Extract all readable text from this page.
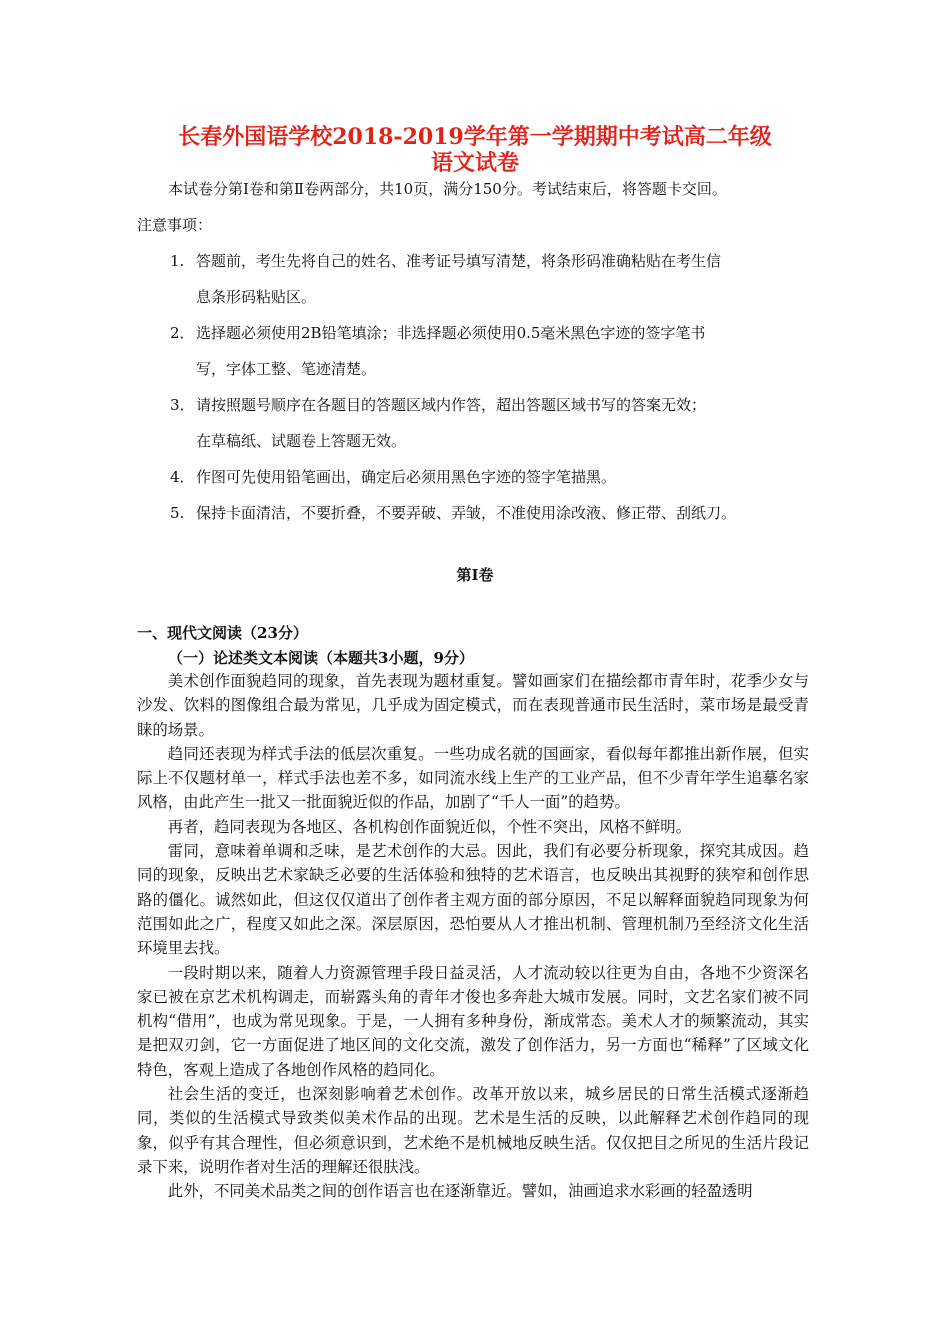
长春外国语学校2018-2019学年第一学期期中考试高二年级
语文试卷
本试卷分第Ⅰ卷和第Ⅱ卷两部分，共10页，满分150分。考试结束后，将答题卡交回。
注意事项：
1. 答题前，考生先将自己的姓名、准考证号填写清楚，将条形码准确粘贴在考生信
息条形码粘贴区。
2． 选择题必须使用2B铅笔填涂；非选择题必须使用0.5毫米黑色字迹的签字笔书
写，字体工整、笔迹清楚。
3． 请按照题号顺序在各题目的答题区域内作答，超出答题区域书写的答案无效；
在草稿纸、试题卷上答题无效。
4． 作图可先使用铅笔画出，确定后必须用黑色字迹的签字笔描黑。
5. 保持卡面清洁，不要折叠，不要弄破、弄皱，不准使用涂改液、修正带、刮纸刀。
第Ⅰ卷
一、现代文阅读（23分）
（一）论述类文本阅读（本题共3小题，9分）

美术创作面貌趋同的现象，首先表现为题材重复。譬如画家们在描绘都市青年时，花季少女与沙发、饮料的图像组合最为常见，几乎成为固定模式，而在表现普通市民生活时，菜市场是最受青睐的场景。

趋同还表现为样式手法的低层次重复。一些功成名就的国画家，看似每年都推出新作展，但实际上不仅题材单一，样式手法也差不多，如同流水线上生产的工业产品，但不少青年学生追摹名家风格，由此产生一批又一批面貌近似的作品，加剧了“千人一面”的趋势。

再者，趋同表现为各地区、各机构创作面貌近似，个性不突出，风格不鲜明。

雷同，意味着单调和乏味，是艺术创作的大忌。因此，我们有必要分析现象，探究其成因。趋同的现象，反映出艺术家缺乏必要的生活体验和独特的艺术语言，也反映出其视野的狭窄和创作思路的僵化。诚然如此，但这仅仅道出了创作者主观方面的部分原因，不足以解释面貌趋同现象为何范围如此之广，程度又如此之深。深层原因，恐怕要从人才推出机制、管理机制乃至经济文化生活环境里去找。

一段时期以来，随着人力资源管理手段日益灵活，人才流动较以往更为自由，各地不少资深名家已被在京艺术机构调走，而崭露头角的青年才俊也多奔赴大城市发展。同时，文艺名家们被不同机构“借用”，也成为常见现象。于是，一人拥有多种身份，渐成常态。美术人才的频繁流动，其实是把双刃剑，它一方面促进了地区间的文化交流，激发了创作活力，另一方面也“稀释”了区域文化特色，客观上造成了各地创作风格的趋同化。

社会生活的变迁，也深刻影响着艺术创作。改革开放以来，城乡居民的日常生活模式逐渐趋同，类似的生活模式导致类似美术作品的出现。艺术是生活的反映，以此解释艺术创作趋同的现象，似乎有其合理性，但必须意识到，艺术绝不是机械地反映生活。仅仅把目之所见的生活片段记录下来，说明作者对生活的理解还很肤浅。

此外，不同美术品类之间的创作语言也在逐渐靠近。譬如，油画追求水彩画的轻盈透明
